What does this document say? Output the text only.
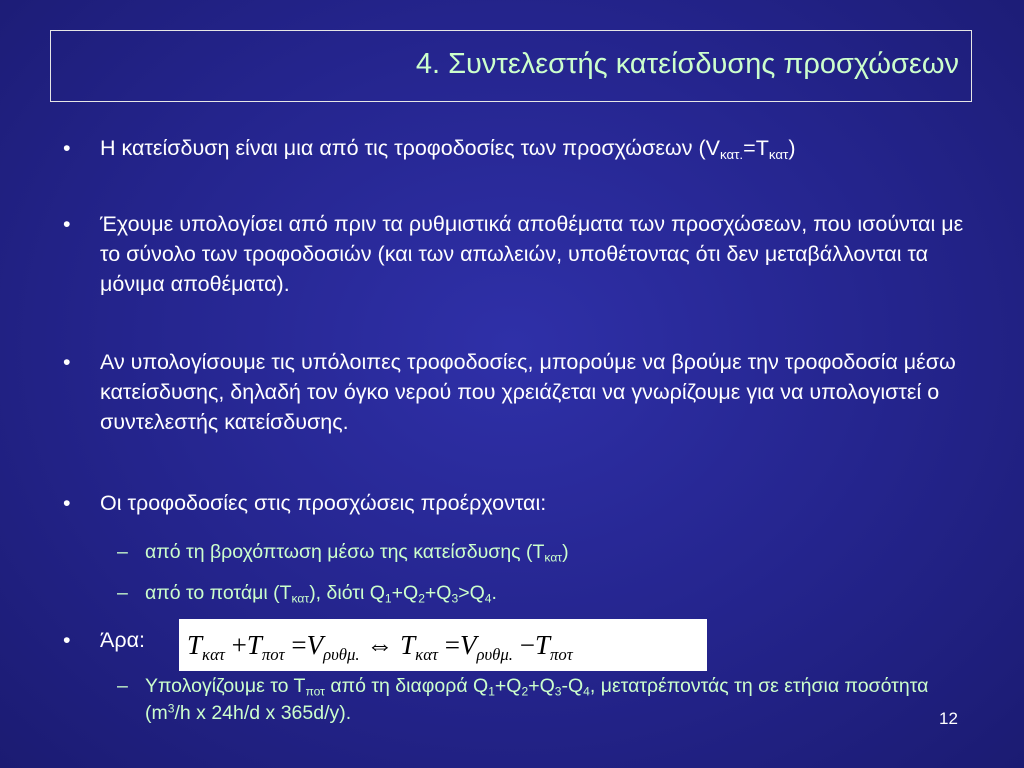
4. Συντελεστής κατείσδυσης προσχώσεων
• Η κατείσδυση είναι μια από τις τροφοδοσίες των προσχώσεων $(V_{\kappa\alpha\tau.}=T_{\kappa\alpha\tau})$
• Έχουμε υπολογίσει από πριν τα ρυθμιστικά αποθέματα των προσχώσεων, που ισούνται με το σύνολο των τροφοδοσιών (και των απωλειών, υποθέτοντας ότι δεν μεταβάλλονται τα μόνιμα αποθέματα).
• Αν υπολογίσουμε τις υπόλοιπες τροφοδοσίες, μπορούμε να βρούμε την τροφοδοσία μέσω κατείσδυσης, δηλαδή τον όγκο νερού που χρειάζεται να γνωρίζουμε για να υπολογιστεί ο συντελεστής κατείσδυσης.
• Οι τροφοδοσίες στις προσχώσεις προέρχονται:
– από τη βροχόπτωση μέσω της κατείσδυσης $(T_{\kappa\alpha\tau})$
– από το ποτάμι $(T_{\kappa\alpha\tau})$, διότι $Q_1+Q_2+Q_3>Q_4$.
• Άρα:
– Υπολογίζουμε το $T_{\pi o\tau}$ από τη διαφορά $Q_1+Q_2+Q_3-Q_4$, μετατρέποντάς τη σε ετήσια ποσότητα ($m^3/h$ x 24h/d x 365d/y).
$T_{\kappa\alpha\tau} +T_{\pi o\tau} =V_{\rho\upsilon\theta\mu.}$ ⇔ $T_{\kappa\alpha\tau} =V_{\rho\upsilon\theta\mu.} -T_{\pi o\tau}$
12
